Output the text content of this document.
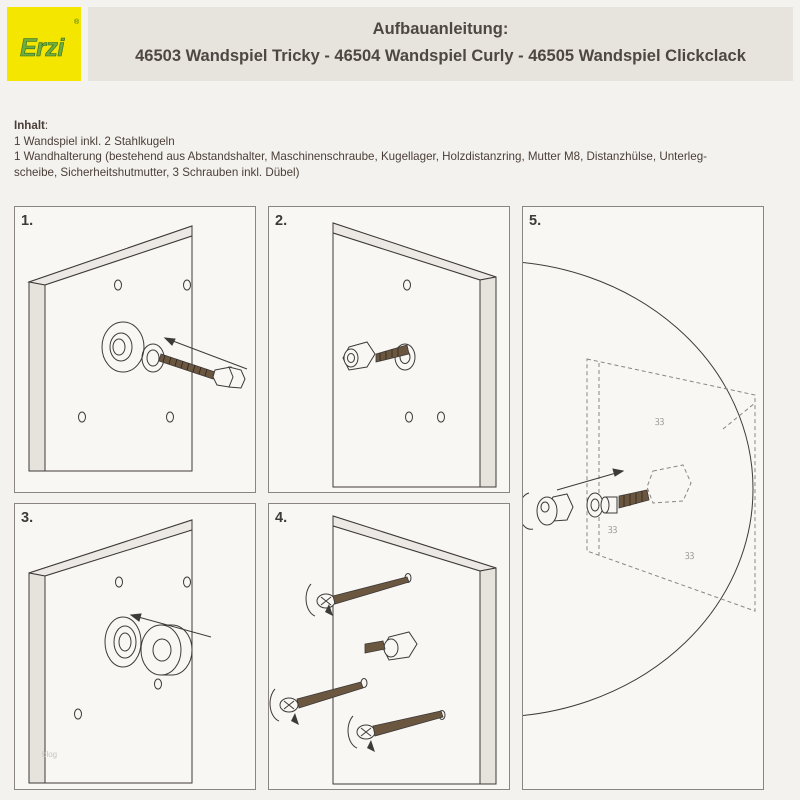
Erzi
®	Aufbauanleitung:
46503 Wandspiel Tricky - 46504 Wandspiel Curly - 46505 Wandspiel Clickclack
Inhalt:
1 Wandspiel inkl. 2 Stahlkugeln
1 Wandhalterung (bestehend aus Abstandshalter, Maschinenschraube, Kugellager, Holzdistanzring, Mutter M8, Distanzhülse, Unterleg-
scheibe, Sicherheitshutmutter, 3 Schrauben inkl. Dübel)
1.	2.
3.	4.
ꝫꝫ
ꝫꝫ
ꝫꝫ
5.
blog
